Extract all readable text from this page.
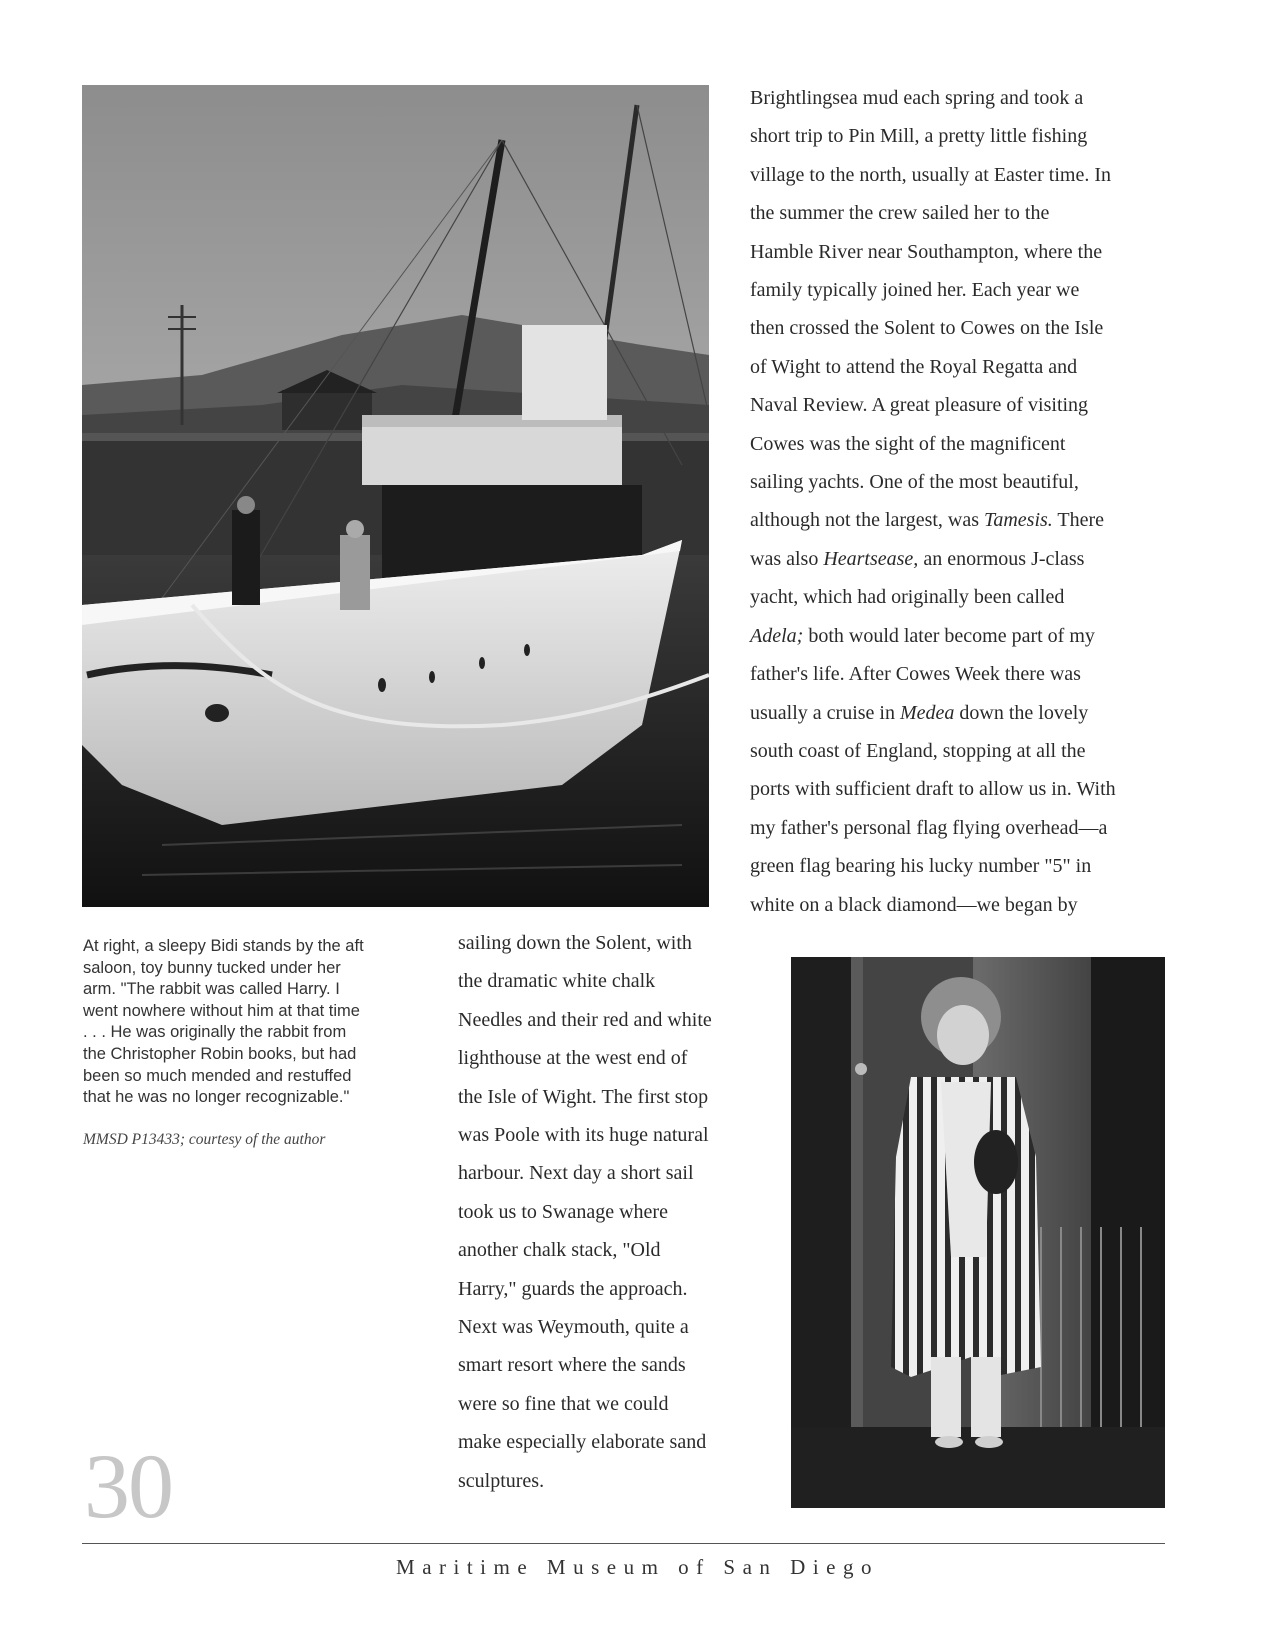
Brightlingsea mud each spring and took a
short trip to Pin Mill, a pretty little fishing
village to the north, usually at Easter time. In
the summer the crew sailed her to the
Hamble River near Southampton, where the
family typically joined her. Each year we
then crossed the Solent to Cowes on the Isle
of Wight to attend the Royal Regatta and
Naval Review. A great pleasure of visiting
Cowes was the sight of the magnificent
sailing yachts. One of the most beautiful,
although not the largest, was Tamesis. There
was also Heartsease, an enormous J-class
yacht, which had originally been called
Adela; both would later become part of my
father's life. After Cowes Week there was
usually a cruise in Medea down the lovely
south coast of England, stopping at all the
ports with sufficient draft to allow us in. With
my father's personal flag flying overhead—a
green flag bearing his lucky number "5" in
white on a black diamond—we began by

At right, a sleepy Bidi stands by the aft
saloon, toy bunny tucked under her
arm. "The rabbit was called Harry. I
went nowhere without him at that time
. . . He was originally the rabbit from
the Christopher Robin books, but had
been so much mended and restuffed
that he was no longer recognizable."

MMSD P13433; courtesy of the author

sailing down the Solent, with
the dramatic white chalk
Needles and their red and white
lighthouse at the west end of
the Isle of Wight. The first stop
was Poole with its huge natural
harbour. Next day a short sail
took us to Swanage where
another chalk stack, "Old
Harry," guards the approach.
Next was Weymouth, quite a
smart resort where the sands
were so fine that we could
make especially elaborate sand
sculptures.

30
Maritime Museum of San Diego
